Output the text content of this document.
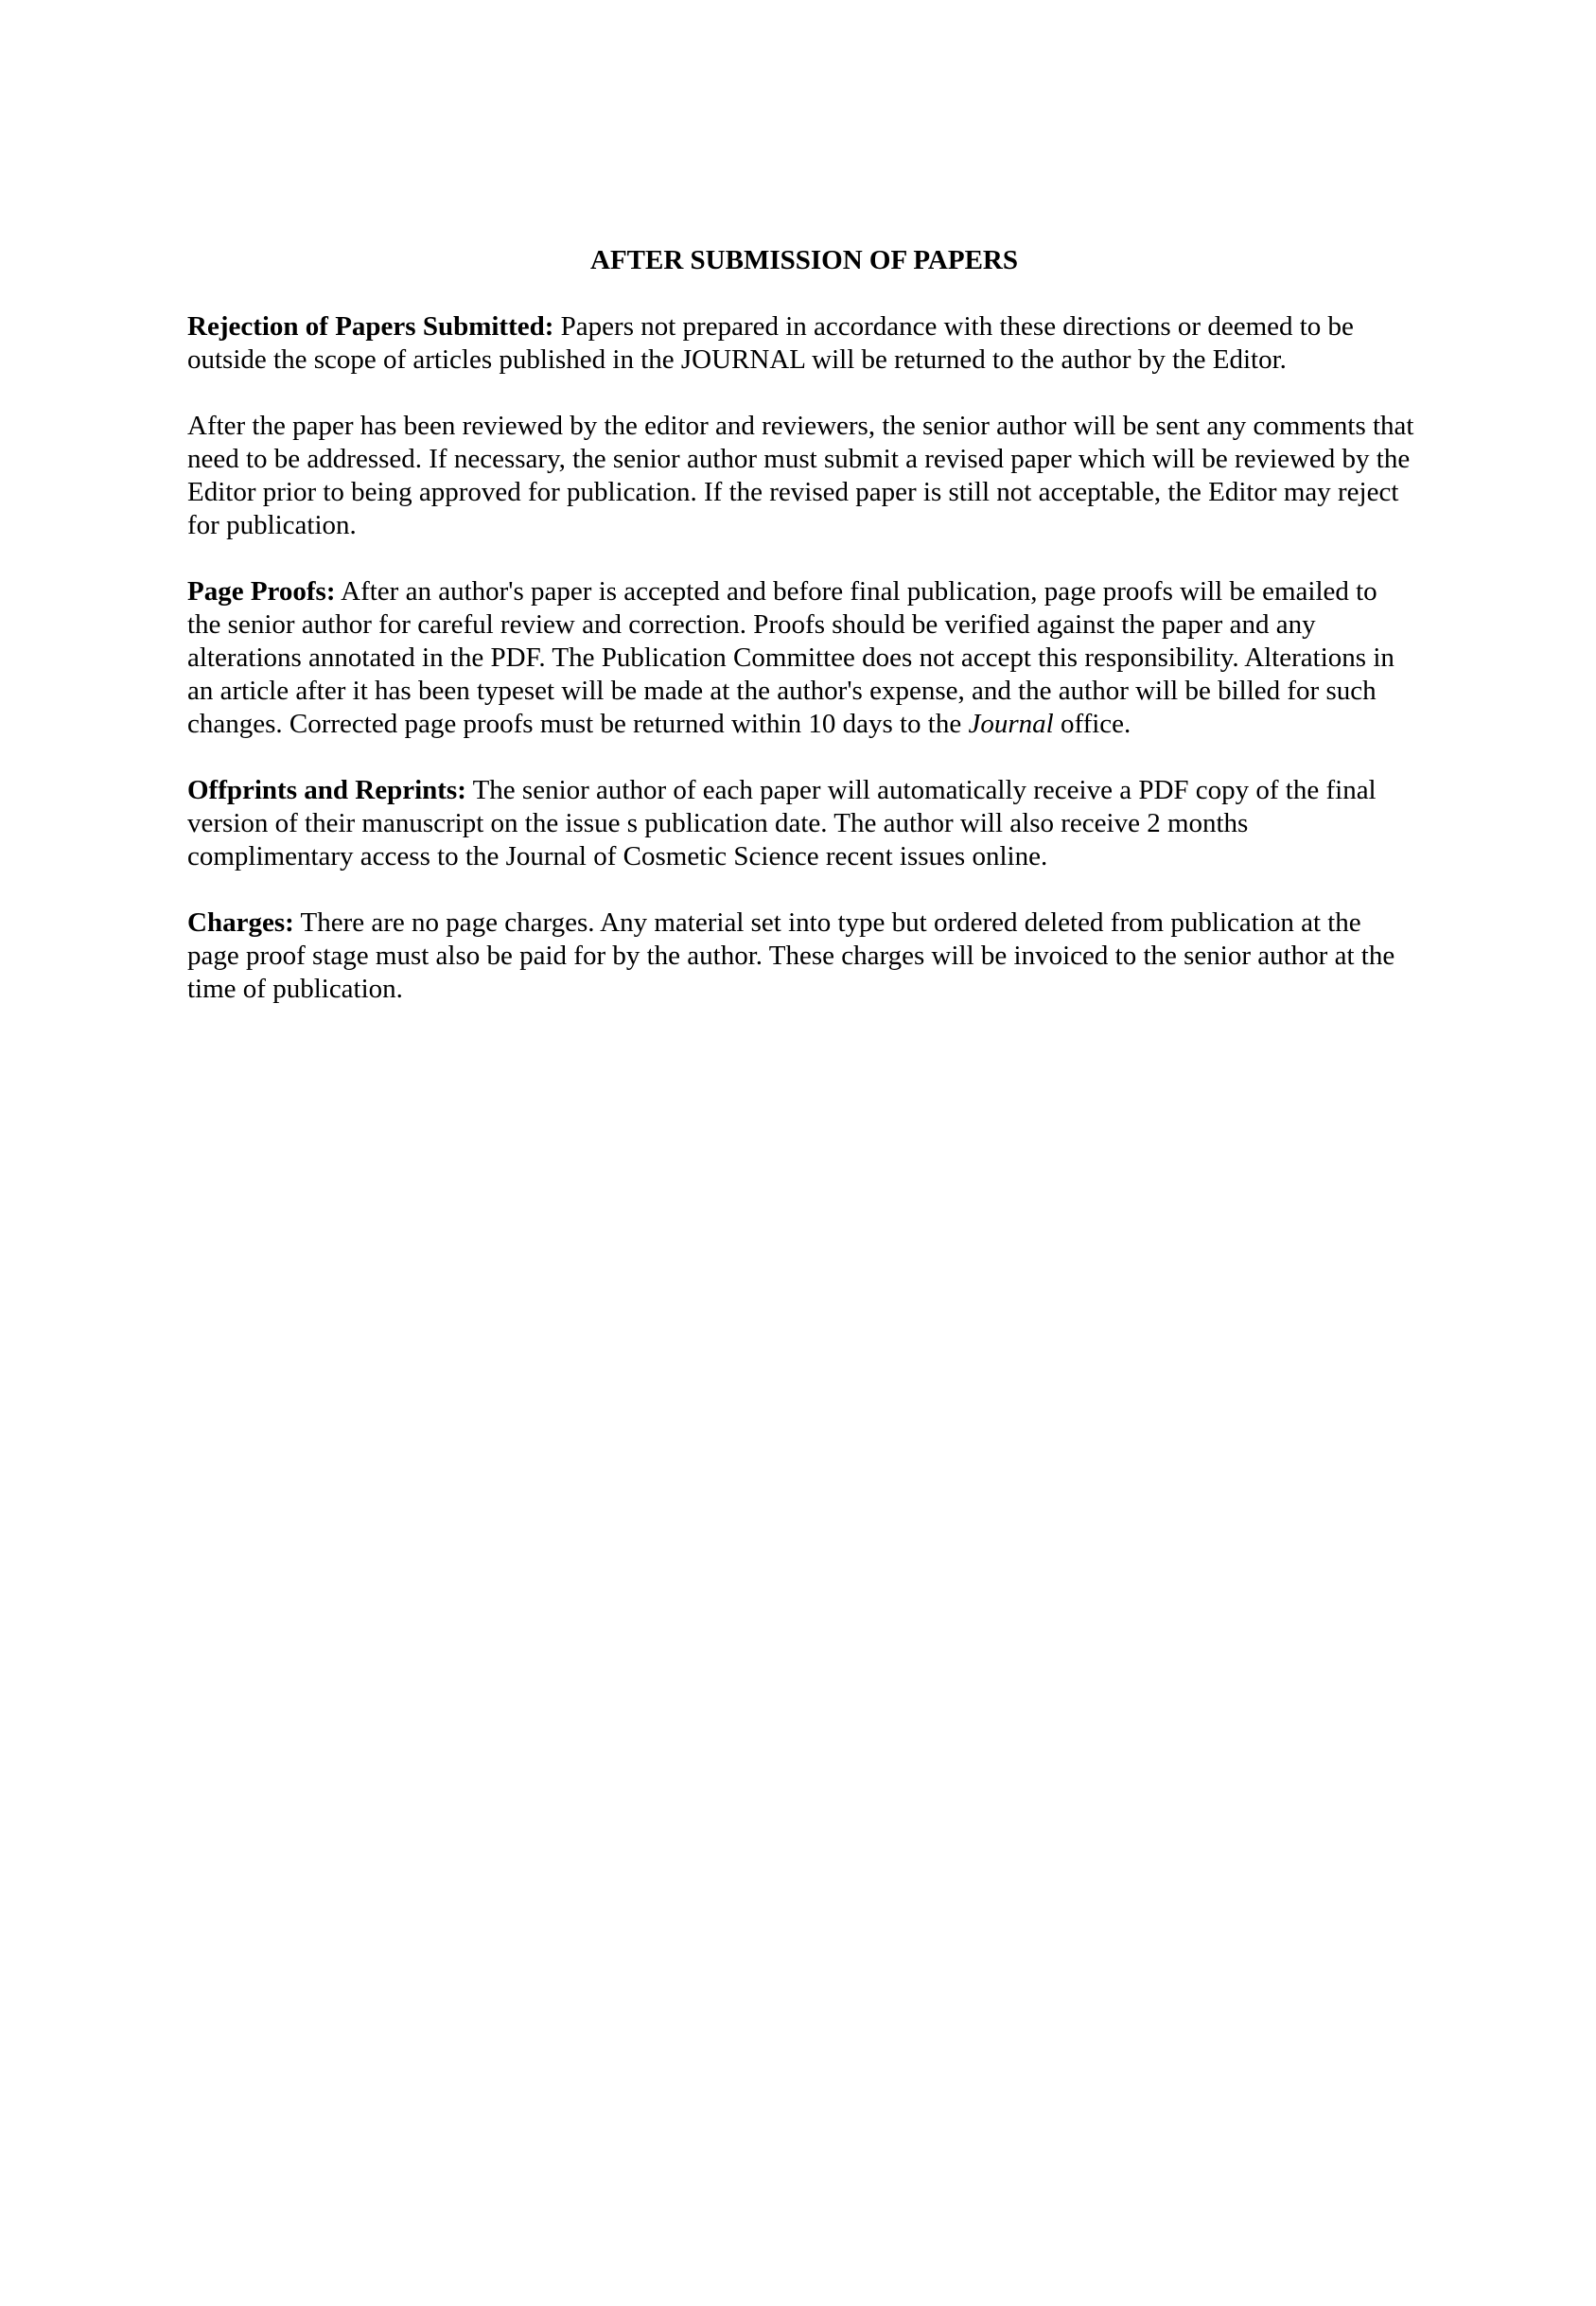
AFTER SUBMISSION OF PAPERS

Rejection of Papers Submitted: Papers not prepared in accordance with these directions or deemed to be outside the scope of articles published in the JOURNAL will be returned to the author by the Editor.

After the paper has been reviewed by the editor and reviewers, the senior author will be sent any comments that need to be addressed. If necessary, the senior author must submit a revised paper which will be reviewed by the Editor prior to being approved for publication. If the revised paper is still not acceptable, the Editor may reject for publication.

Page Proofs: After an author's paper is accepted and before final publication, page proofs will be emailed to the senior author for careful review and correction. Proofs should be verified against the paper and any alterations annotated in the PDF. The Publication Committee does not accept this responsibility. Alterations in an article after it has been typeset will be made at the author's expense, and the author will be billed for such changes. Corrected page proofs must be returned within 10 days to the Journal office.

Offprints and Reprints: The senior author of each paper will automatically receive a PDF copy of the final version of their manuscript on the issue s publication date. The author will also receive 2 months complimentary access to the Journal of Cosmetic Science recent issues online.

Charges: There are no page charges. Any material set into type but ordered deleted from publication at the page proof stage must also be paid for by the author. These charges will be invoiced to the senior author at the time of publication.
